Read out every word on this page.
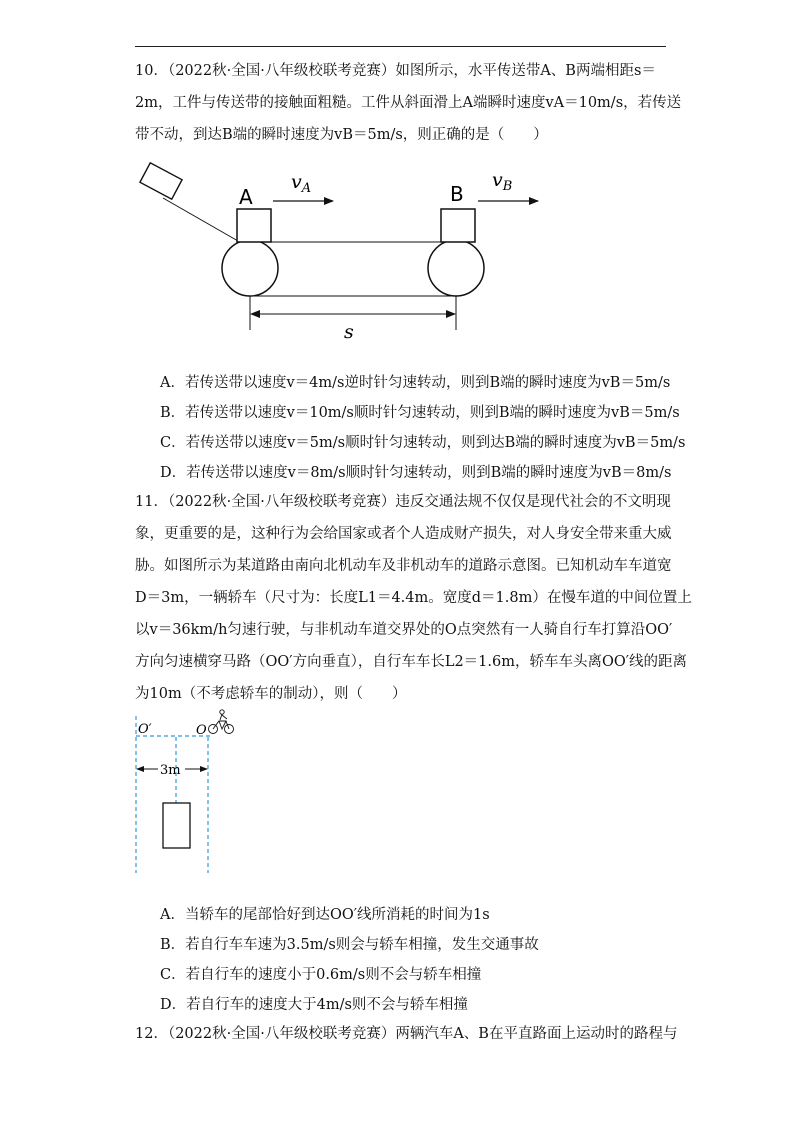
10．（2022秋·全国·八年级校联考竞赛）如图所示，水平传送带A、B两端相距s＝
2m，工件与传送带的接触面粗糙。工件从斜面滑上A端瞬时速度vA＝10m/s，若传送
带不动，到达B端的瞬时速度为vB＝5m/s，则正确的是（　　）
A	B
$v_A$	$v_B$
s
A．若传送带以速度v＝4m/s逆时针匀速转动，则到B端的瞬时速度为vB＝5m/s
B．若传送带以速度v＝10m/s顺时针匀速转动，则到B端的瞬时速度为vB＝5m/s
C．若传送带以速度v＝5m/s顺时针匀速转动，则到达B端的瞬时速度为vB＝5m/s
D．若传送带以速度v＝8m/s顺时针匀速转动，则到B端的瞬时速度为vB＝8m/s
11．（2022秋·全国·八年级校联考竞赛）违反交通法规不仅仅是现代社会的不文明现
象，更重要的是，这种行为会给国家或者个人造成财产损失，对人身安全带来重大威
胁。如图所示为某道路由南向北机动车及非机动车的道路示意图。已知机动车车道宽
D＝3m，一辆轿车（尺寸为：长度L1＝4.4m。宽度d＝1.8m）在慢车道的中间位置上
以v＝36km/h匀速行驶，与非机动车道交界处的O点突然有一人骑自行车打算沿OO′
方向匀速横穿马路（OO′方向垂直），自行车车长L2＝1.6m，轿车车头离OO′线的距离
为10m（不考虑轿车的制动），则（　　）
O′	O
3m
A．当轿车的尾部恰好到达OO′线所消耗的时间为1s
B．若自行车车速为3.5m/s则会与轿车相撞，发生交通事故
C．若自行车的速度小于0.6m/s则不会与轿车相撞
D．若自行车的速度大于4m/s则不会与轿车相撞
12．（2022秋·全国·八年级校联考竞赛）两辆汽车A、B在平直路面上运动时的路程与
